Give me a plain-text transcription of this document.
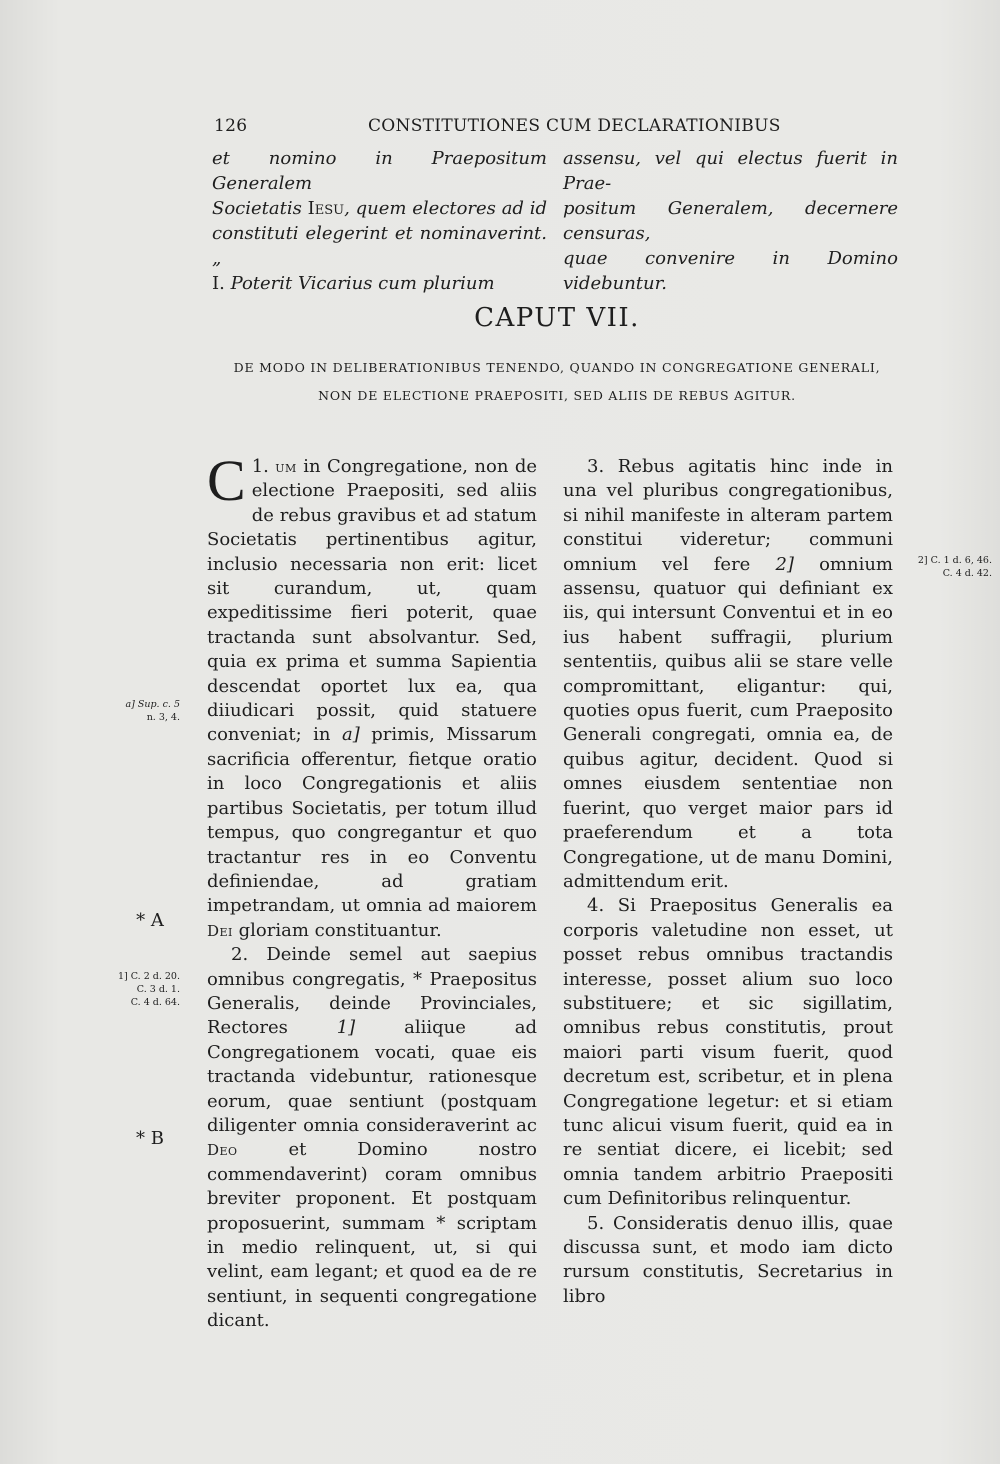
126	CONSTITUTIONES CUM DECLARATIONIBUS

et nomino in Praepositum Generalem

Societatis Iesu, quem electores ad id

constituti elegerint et nominaverint. „

I. Poterit Vicarius cum plurium

assensu, vel qui electus fuerit in Prae-

positum Generalem, decernere censuras,

quae convenire in Domino videbuntur.

CAPUT VII.
DE MODO IN DELIBERATIONIBUS TENENDO, QUANDO IN CONGREGATIONE GENERALI,
NON DE ELECTIONE PRAEPOSITI, SED ALIIS DE REBUS AGITUR.

1.
C um in Congregatione, non de electione Praepositi, sed aliis de rebus gravibus et ad statum Societatis pertinentibus agitur, inclusio necessaria non erit: licet sit curandum, ut, quam expeditissime fieri poterit, quae tractanda sunt absolvantur. Sed, quia ex prima et summa Sapientia descendat oportet lux ea, qua diiudicari possit, quid statuere conveniat; in a] primis, Missarum sacrificia offerentur, fietque oratio in loco Congregationis et aliis partibus Societatis, per totum illud tempus, quo congregantur et quo tractantur res in eo Conventu definiendae, ad gratiam impetrandam, ut omnia ad maiorem Dei gloriam constituantur.

2. Deinde semel aut saepius omnibus congregatis, * Praepositus Generalis, deinde Provinciales, Rectores 1] aliique ad Congregationem vocati, quae eis tractanda videbuntur, rationesque eorum, quae sentiunt (postquam diligenter omnia consideraverint ac Deo et Domino nostro commendaverint) coram omnibus breviter proponent. Et postquam proposuerint, summam * scriptam in medio relinquent, ut, si qui velint, eam legant; et quod ea de re sentiunt, in sequenti congregatione dicant.

3. Rebus agitatis hinc inde in una vel pluribus congregationibus, si nihil manifeste in alteram partem constitui videretur; communi omnium vel fere 2] omnium assensu, quatuor qui definiant ex iis, qui intersunt Conventui et in eo ius habent suffragii, plurium sententiis, quibus alii se stare velle compromittant, eligantur: qui, quoties opus fuerit, cum Praeposito Generali congregati, omnia ea, de quibus agitur, decident. Quod si omnes eiusdem sententiae non fuerint, quo verget maior pars id praeferendum et a tota Congregatione, ut de manu Domini, admittendum erit.

4. Si Praepositus Generalis ea corporis valetudine non esset, ut posset rebus omnibus tractandis interesse, posset alium suo loco substituere; et sic sigillatim, omnibus rebus constitutis, prout maiori parti visum fuerit, quod decretum est, scribetur, et in plena Congregatione legetur: et si etiam tunc alicui visum fuerit, quid ea in re sentiat dicere, ei licebit; sed omnia tandem arbitrio Praepositi cum Definitoribus relinquentur.

5. Consideratis denuo illis, quae discussa sunt, et modo iam dicto rursum constitutis, Secretarius in libro

a] Sup. c. 5
n. 3, 4.
* A
1] C. 2 d. 20.
C. 3 d. 1.
C. 4 d. 64.
* B
2] C. 1 d. 6, 46.
C. 4 d. 42.
